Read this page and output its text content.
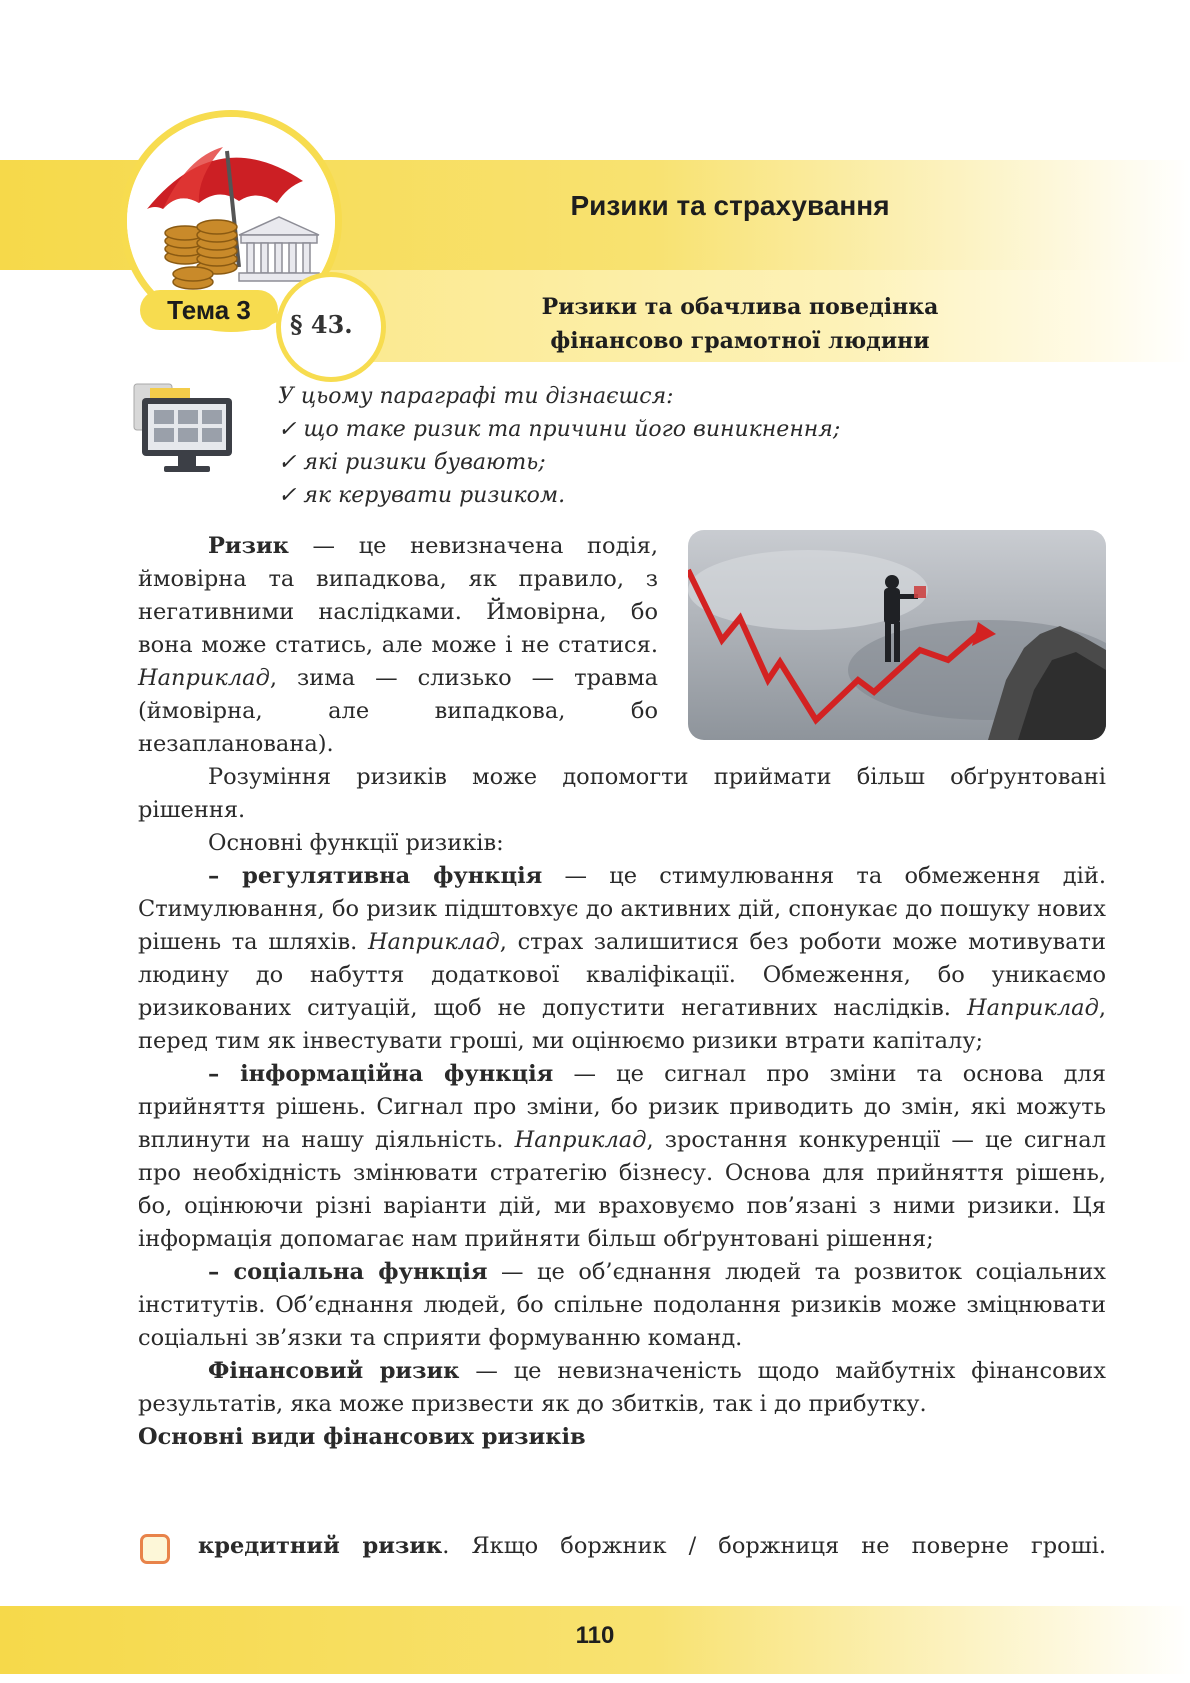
Ризики та страхування
§ 43.
Тема 3	Ризики та обачлива поведінка
фінансово грамотної людини
У цьому параграфі ти дізнаєшся:
✓ що таке ризик та причини його виникнення;
✓ які ризики бувають;
✓ як керувати ризиком.

Ризик — це невизначена подія, ймовірна та випадкова, як правило, з негативними наслідками. Ймовірна, бо вона може статись, але може і не статися. Наприклад, зима — слизько — травма (ймовірна, але випадкова, бо незапланована).

Розуміння ризиків може допомогти приймати більш обґрунтовані рішення.

Основні функції ризиків:

– регулятивна функція — це стимулювання та обмеження дій. Стимулювання, бо ризик підштовхує до активних дій, спонукає до пошуку нових рішень та шляхів. Наприклад, страх залишитися без роботи може мотивувати людину до набуття додаткової кваліфікації. Обмеження, бо уникаємо ризикованих ситуацій, щоб не допустити негативних наслідків. Наприклад, перед тим як інвестувати гроші, ми оцінюємо ризики втрати капіталу;

– інформаційна функція — це сигнал про зміни та основа для прийняття рішень. Сигнал про зміни, бо ризик приводить до змін, які можуть вплинути на нашу діяльність. Наприклад, зростання конкуренції — це сигнал про необхідність змінювати стратегію бізнесу. Основа для прийняття рішень, бо, оцінюючи різні варіанти дій, ми враховуємо пов’язані з ними ризики. Ця інформація допомагає нам прийняти більш обґрунтовані рішення;

– соціальна функція — це об’єднання людей та розвиток соціальних інститутів. Об’єднання людей, бо спільне подолання ризиків може зміцнювати соціальні зв’язки та сприяти формуванню команд.

Фінансовий ризик — це невизначеність щодо майбутніх фінансових результатів, яка може призвести як до збитків, так і до прибутку.

Основні види фінансових ризиків

кредитний ризик. Якщо боржник / боржниця не поверне гроші.
110
